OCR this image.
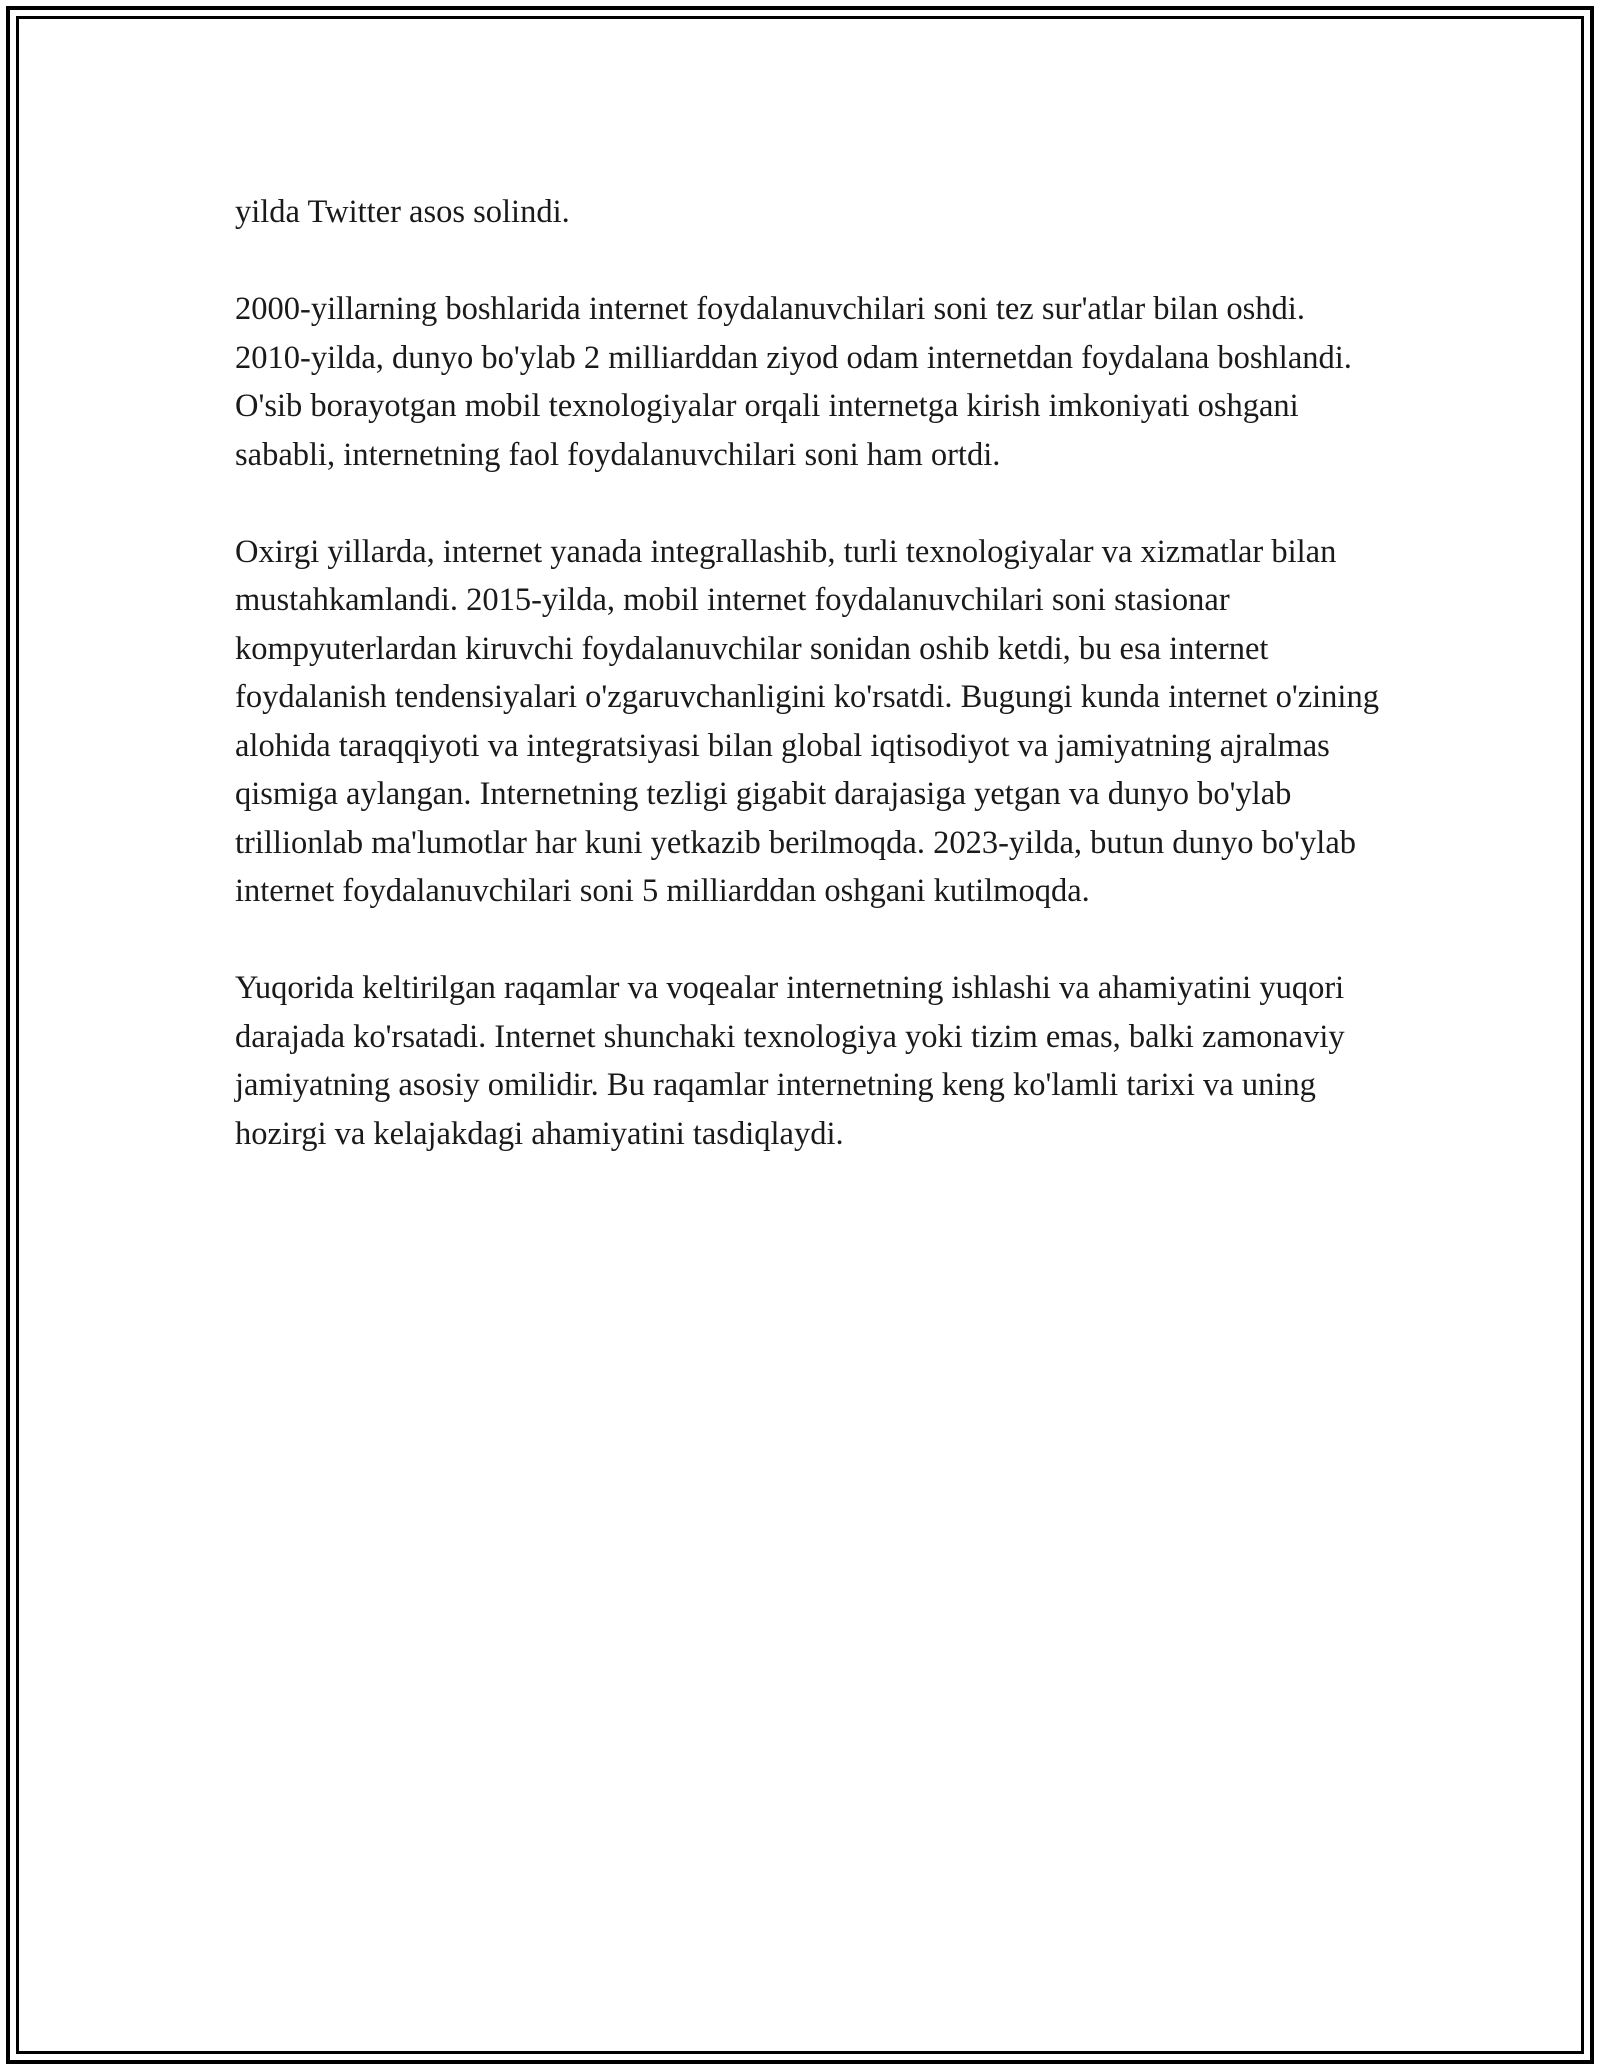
yilda Twitter asos solindi.

2000-yillarning boshlarida internet foydalanuvchilari soni tez sur'atlar bilan oshdi. 2010-yilda, dunyo bo'ylab 2 milliarddan ziyod odam internetdan foydalana boshlandi. O'sib borayotgan mobil texnologiyalar orqali internetga kirish imkoniyati oshgani sababli, internetning faol foydalanuvchilari soni ham ortdi.

Oxirgi yillarda, internet yanada integrallashib, turli texnologiyalar va xizmatlar bilan mustahkamlandi. 2015-yilda, mobil internet foydalanuvchilari soni stasionar kompyuterlardan kiruvchi foydalanuvchilar sonidan oshib ketdi, bu esa internet foydalanish tendensiyalari o'zgaruvchanligini ko'rsatdi. Bugungi kunda internet o'zining alohida taraqqiyoti va integratsiyasi bilan global iqtisodiyot va jamiyatning ajralmas qismiga aylangan. Internetning tezligi gigabit darajasiga yetgan va dunyo bo'ylab trillionlab ma'lumotlar har kuni yetkazib berilmoqda. 2023-yilda, butun dunyo bo'ylab internet foydalanuvchilari soni 5 milliarddan oshgani kutilmoqda.

Yuqorida keltirilgan raqamlar va voqealar internetning ishlashi va ahamiyatini yuqori darajada ko'rsatadi. Internet shunchaki texnologiya yoki tizim emas, balki zamonaviy jamiyatning asosiy omilidir. Bu raqamlar internetning keng ko'lamli tarixi va uning hozirgi va kelajakdagi ahamiyatini tasdiqlaydi.
